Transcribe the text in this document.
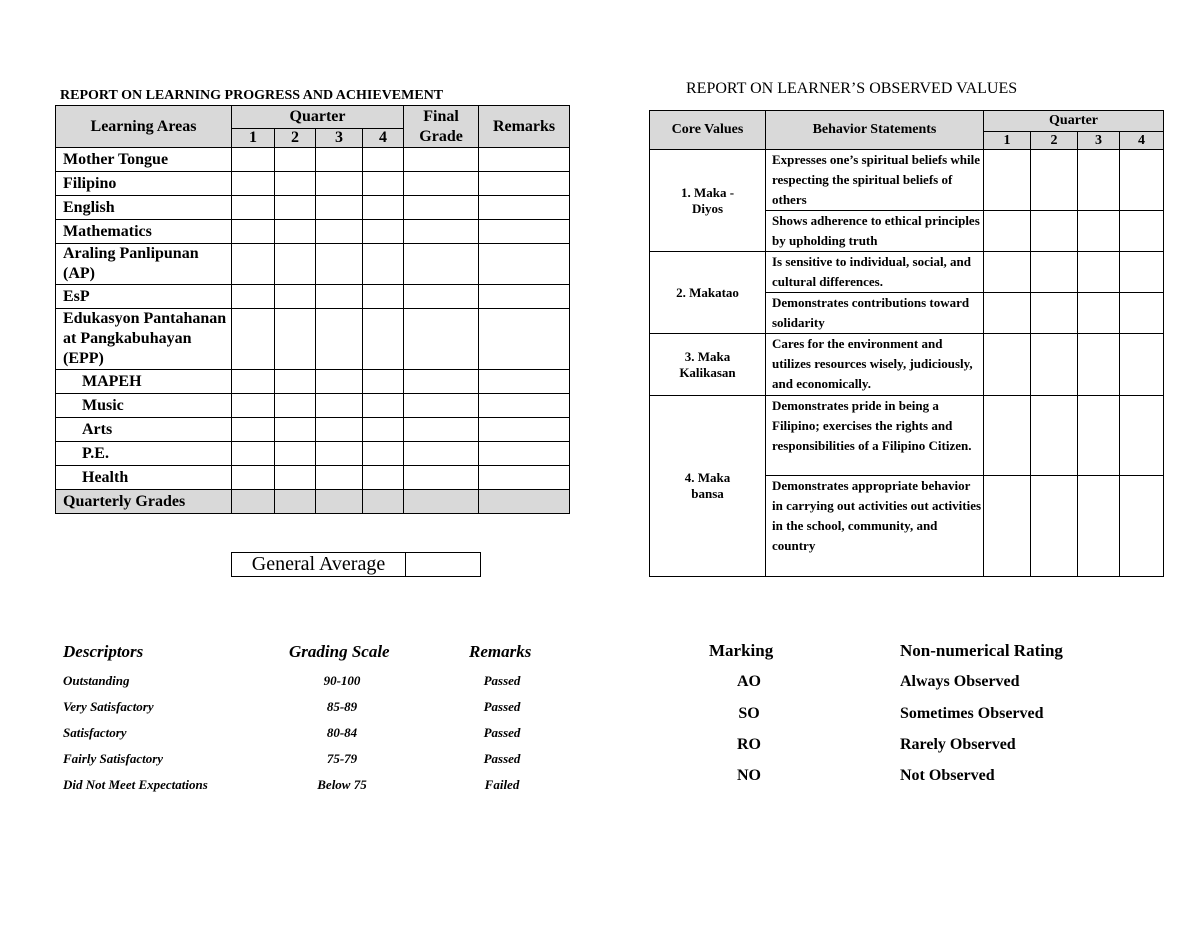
REPORT ON LEARNING PROGRESS AND ACHIEVEMENT
Learning Areas	Quarter				Final Grade	Remarks
	1	2	3	4		
Mother Tongue						
Filipino						
English						
Mathematics						
Araling Panlipunan (AP)						
EsP						
Edukasyon Pantahanan at Pangkabuhayan (EPP)						
MAPEH						
Music						
Arts						
P.E.						
Health						
Quarterly Grades						
General Average	
REPORT ON LEARNER’S OBSERVED VALUES
Core Values	Behavior Statements	Quarter			
		1	2	3	4
1. Maka -Diyos	Expresses one’s spiritual beliefs while respecting the spiritual beliefs of others				
	Shows adherence to ethical principles by upholding truth				
2. Makatao	Is sensitive to individual, social, and cultural differences.				
	Demonstrates contributions toward solidarity				
3. Maka Kalikasan	Cares for the environment and utilizes resources wisely, judiciously, and economically.				
4. Maka bansa	Demonstrates pride in being a Filipino; exercises the rights and responsibilities of a Filipino Citizen.				
	Demonstrates appropriate behavior in carrying out activities out activities in the school, community, and country				
Descriptors	Grading Scale	Remarks
Outstanding	90-100	Passed
Very Satisfactory	85-89	Passed
Satisfactory	80-84	Passed
Fairly Satisfactory	75-79	Passed
Did Not Meet Expectations	Below 75	Failed
Marking	Non-numerical Rating
AO	Always Observed
SO	Sometimes Observed
RO	Rarely Observed
NO	Not Observed
